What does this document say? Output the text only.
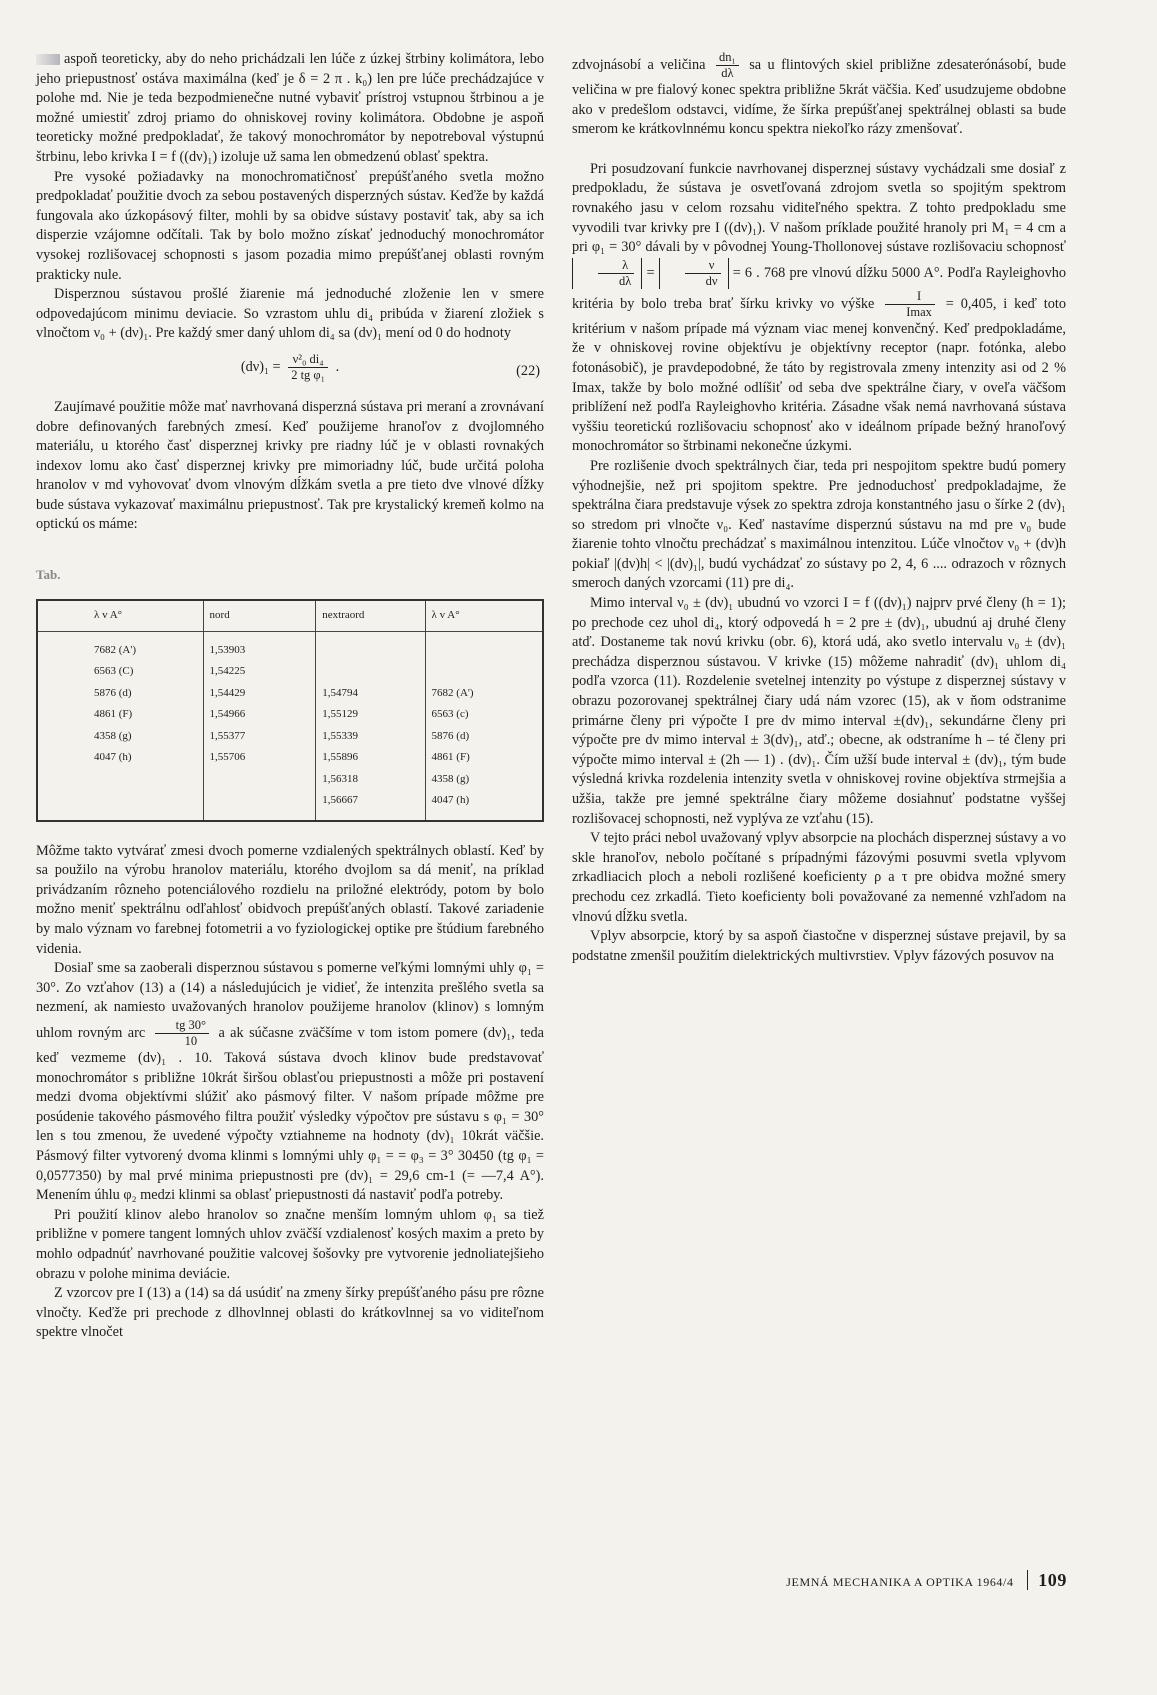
aspoň teoreticky, aby do neho prichádzali len lúče z úzkej štrbiny kolimátora, lebo jeho priepustnosť ostáva maximálna (keď je δ = 2 π . k₀) len pre lúče prechádzajúce v polohe md. Nie je teda bezpodmienečne nutné vybaviť prístroj vstupnou štrbinou a je možné umiestiť zdroj priamo do ohniskovej roviny kolimátora. Obdobne je aspoň teoreticky možné predpokladať, že takový monochromátor by nepotreboval výstupnú štrbinu, lebo krivka I = f ((dν)₁) izoluje už sama len obmedzenú oblasť spektra.

Pre vysoké požiadavky na monochromatičnosť prepúšťaného svetla možno predpokladať použitie dvoch za sebou postavených disperzných sústav. Keďže by každá fungovala ako úzkopásový filter, mohli by sa obidve sústavy postaviť tak, aby sa ich disperzie vzájomne odčítali. Tak by bolo možno získať jednoduchý monochromátor vysokej rozlišovacej schopnosti s jasom pozadia mimo prepúšťanej oblasti rovným prakticky nule.

Disperznou sústavou prošlé žiarenie má jednoduché zloženie len v smere odpovedajúcom minimu deviacie. So vzrastom uhlu di₄ pribúda v žiarení zložiek s vlnočtom ν₀ + (dν)₁. Pre každý smer daný uhlom di₄ sa (dν)₁ mení od 0 do hodnoty

$(d\nu)_1 = \frac{\text{ν²₀ di₄}}{\text{2 tg φ₁}}$ .	(22)

Zaujímavé použitie môže mať navrhovaná disperzná sústava pri meraní a zrovnávaní dobre definovaných farebných zmesí. Keď použijeme hranoľov z dvojlomného materiálu, u ktorého časť disperznej krivky pre riadny lúč je v oblasti rovnakých indexov lomu ako časť disperznej krivky pre mimoriadny lúč, bude určitá poloha hranolov v md vyhovovať dvom vlnovým dĺžkám svetla a pre tieto dve vlnové dĺžky bude sústava vykazovať maximálnu priepustnosť. Tak pre krystalický kremeň kolmo na optickú os máme:

Tab.
λ v A°	nord	nextraord	λ v A°
7682 (A')	1,53903		
6563 (C)	1,54225		
5876 (d)	1,54429	1,54794	7682 (A')
4861 (F)	1,54966	1,55129	6563 (c)
4358 (g)	1,55377	1,55339	5876 (d)
4047 (h)	1,55706	1,55896	4861 (F)
		1,56318	4358 (g)
		1,56667	4047 (h)

Môžme takto vytvárať zmesi dvoch pomerne vzdialených spektrálnych oblastí. Keď by sa použilo na výrobu hranolov materiálu, ktorého dvojlom sa dá meniť, na príklad privádzaním rôzneho potenciálového rozdielu na priložné elektródy, potom by bolo možno meniť spektrálnu odľahlosť obidvoch prepúšťaných oblastí. Takové zariadenie by malo význam vo farebnej fotometrii a vo fyziologickej optike pre štúdium farebného videnia.

Dosiaľ sme sa zaoberali disperznou sústavou s pomerne veľkými lomnými uhly φ₁ = 30°. Zo vzťahov (13) a (14) a následujúcich je vidieť, že intenzita prešlého svetla sa nezmení, ak namiesto uvažovaných hranolov použijeme hranolov (klinov) s lomným uhlom rovným arc $\frac{tg 30^\circ}{10}$ a ak súčasne zväčšíme v tom istom pomere (dν)₁, teda keď vezmeme (dν)₁ . 10. Taková sústava dvoch klinov bude predstavovať monochromátor s približne 10krát širšou oblasťou priepustnosti a môže pri postavení medzi dvoma objektívmi slúžiť ako pásmový filter. V našom prípade môžme pre posúdenie takového pásmového filtra použiť výsledky výpočtov pre sústavu s φ₁ = 30° len s tou zmenou, že uvedené výpočty vztiahneme na hodnoty (dν)₁ 10krát väčšie. Pásmový filter vytvorený dvoma klinmi s lomnými uhly φ₁ = = φ₃ = 3° 30450 (tg φ₁ = 0,0577350) by mal prvé minima priepustnosti pre (dν)₁ = 29,6 cm-1 (= —7,4 A°). Menením úhlu φ₂ medzi klinmi sa oblasť priepustnosti dá nastaviť podľa potreby.

Pri použití klinov alebo hranolov so značne menším lomným uhlom φ₁ sa tiež približne v pomere tangent lomných uhlov zväčší vzdialenosť kosých maxim a preto by mohlo odpadnúť navrhované použitie valcovej šošovky pre vytvorenie jednoliatejšieho obrazu v polohe minima deviácie.

Z vzorcov pre I (13) a (14) sa dá usúdiť na zmeny šírky prepúšťaného pásu pre rôzne vlnočty. Keďže pri prechode z dlhovlnnej oblasti do krátkovlnnej sa vo viditeľnom spektre vlnočet

zdvojnásobí a veličina $\frac{\text{dn₁}}{d\lambda}$ sa u flintových skiel približne zdesaterónásobí, bude veličina w pre fialový konec spektra približne 5krát väčšia. Keď usudzujeme obdobne ako v predešlom odstavci, vidíme, že šírka prepúšťanej spektrálnej oblasti sa bude smerom ke krátkovlnnému koncu spektra niekoľko rázy zmenšovať.

Pri posudzovaní funkcie navrhovanej disperznej sústavy vychádzali sme dosiaľ z predpokladu, že sústava je osvetľovaná zdrojom svetla so spojitým spektrom rovnakého jasu v celom rozsahu viditeľného spektra. Z tohto predpokladu sme vyvodili tvar krivky pre I ((dν)₁). V našom príklade použité hranoly pri M₁ = 4 cm a pri φ₁ = 30° dávali by v pôvodnej Young-Thollonovej sústave rozlišovaciu schopnosť
$\frac{\lambda}{d\lambda} = \frac{\nu}{d\nu} = 6$ . 768 pre vlnovú dĺžku 5000 A°. Podľa Rayleighovho kritéria by bolo treba brať šírku krivky vo výške $\frac{I}{Imax} = 0,405$, i keď toto kritérium v našom prípade má význam viac menej konvenčný. Keď predpokladáme, že v ohniskovej rovine objektívu je objektívny receptor (napr. fotónka, alebo fotonásobič), je pravdepodobné, že táto by registrovala zmeny intenzity asi od 2 % Imax, takže by bolo možné odlíšiť od seba dve spektrálne čiary, v oveľa väčšom priblížení než podľa Rayleighovho kritéria. Zásadne však nemá navrhovaná sústava vyššiu teoretickú rozlišovaciu schopnosť ako v ideálnom prípade bežný hranoľový monochromátor so štrbinami nekonečne úzkymi.

Pre rozlišenie dvoch spektrálnych čiar, teda pri nespojitom spektre budú pomery výhodnejšie, než pri spojitom spektre. Pre jednoduchosť predpokladajme, že spektrálna čiara predstavuje výsek zo spektra zdroja konstantného jasu o šírke 2 (dν)₁ so stredom pri vlnočte ν₀. Keď nastavíme disperznú sústavu na md pre ν₀ bude žiarenie tohto vlnočtu prechádzať s maximálnou intenzitou. Lúče vlnočtov ν₀ + (dν)h pokiaľ |(dν)h| < |(dν)₁|, budú vychádzať zo sústavy po 2, 4, 6 .... odrazoch v rôznych smeroch daných vzorcami (11) pre di₄.

Mimo interval ν₀ ± (dν)₁ ubudnú vo vzorci I = f ((dν)₁) najprv prvé členy (h = 1); po prechode cez uhol di₄, ktorý odpovedá h = 2 pre ± (dν)₁, ubudnú aj druhé členy atď. Dostaneme tak novú krivku (obr. 6), ktorá udá, ako svetlo intervalu ν₀ ± (dν)₁ prechádza disperznou sústavou. V krivke (15) môžeme nahradiť (dν)₁ uhlom di₄ podľa vzorca (11). Rozdelenie svetelnej intenzity po výstupe z disperznej sústavy v obrazu pozorovanej spektrálnej čiary udá nám vzorec (15), ak v ňom odstranime primárne členy pri výpočte I pre dν mimo interval ±(dν)₁, sekundárne členy pri výpočte pre dν mimo interval ± 3(dν)₁, atď.; obecne, ak odstraníme h – té členy pri výpočte mimo interval ± (2h — 1) . (dν)₁. Čím užší bude interval ± (dν)₁, tým bude výsledná krivka rozdelenia intenzity svetla v ohniskovej rovine objektíva strmejšia a užšia, takže pre jemné spektrálne čiary môžeme dosiahnuť podstatne vyššej rozlišovacej schopnosti, než vyplýva ze vzťahu (15).

V tejto práci nebol uvažovaný vplyv absorpcie na plochách disperznej sústavy a vo skle hranoľov, nebolo počítané s prípadnými fázovými posuvmi svetla vplyvom zrkadliacich ploch a neboli rozlišené koeficienty ρ a τ pre obidva možné smery prechodu cez zrkadlá. Tieto koeficienty boli považované za nemenné vzhľadom na vlnovú dĺžku svetla.

Vplyv absorpcie, ktorý by sa aspoň čiastočne v disperznej sústave prejavil, by sa podstatne zmenšil použitím dielektrických multivrstiev. Vplyv fázových posuvov na

JEMNÁ MECHANIKA A OPTIKA 1964/4 109
